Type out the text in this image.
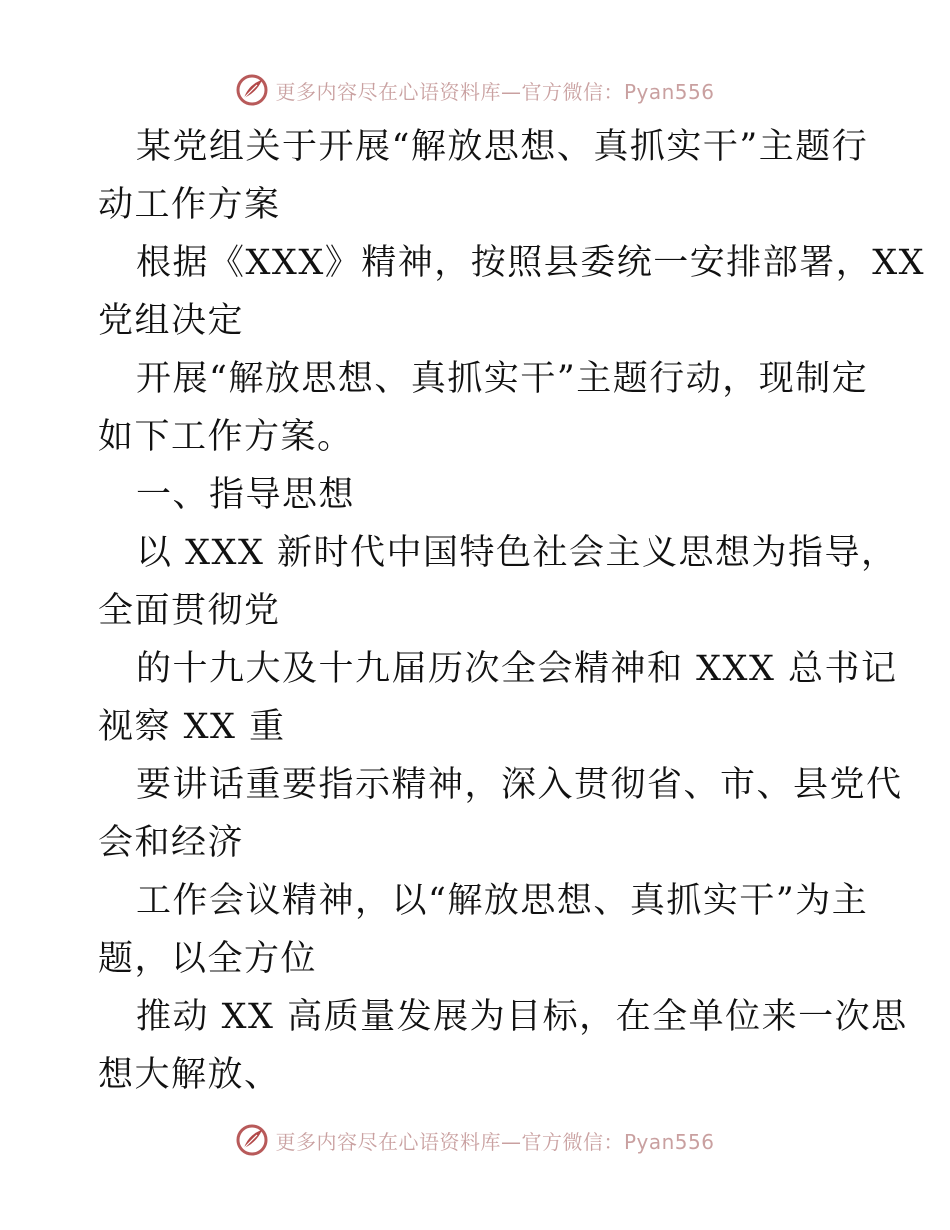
更多内容尽在心语资料库—官方微信：Pyan556
某党组关于开展“解放思想、真抓实干”主题行
动工作方案
根据《XXX》精神，按照县委统一安排部署，XX
党组决定
开展“解放思想、真抓实干”主题行动，现制定
如下工作方案。
一、指导思想
以 XXX 新时代中国特色社会主义思想为指导，
全面贯彻党
的十九大及十九届历次全会精神和 XXX 总书记
视察 XX 重
要讲话重要指示精神，深入贯彻省、市、县党代
会和经济
工作会议精神，以“解放思想、真抓实干”为主
题，以全方位
推动 XX 高质量发展为目标，在全单位来一次思
想大解放、
更多内容尽在心语资料库—官方微信：Pyan556
